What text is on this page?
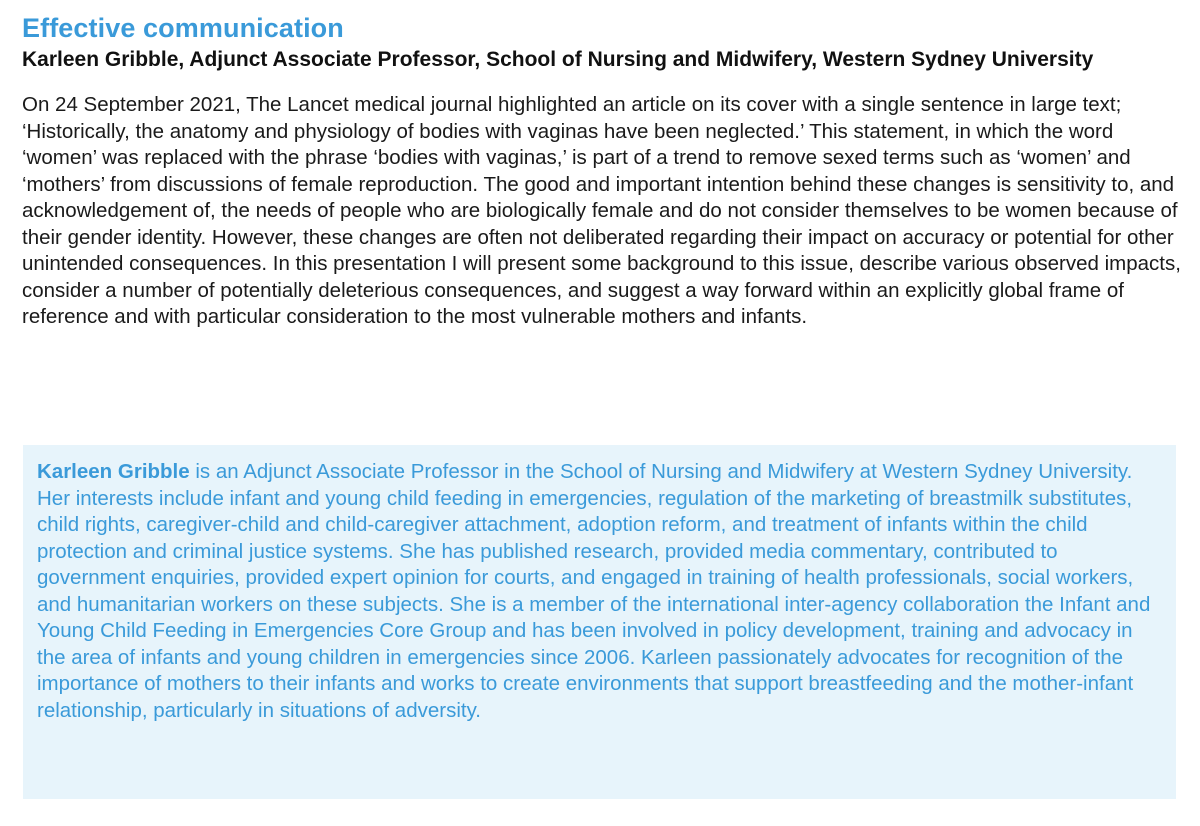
Effective communication
Karleen Gribble, Adjunct Associate Professor, School of Nursing and Midwifery, Western Sydney University

On 24 September 2021, The Lancet medical journal highlighted an article on its cover with a single sentence in large text; ‘Historically, the anatomy and physiology of bodies with vaginas have been neglected.’ This statement, in which the word ‘women’ was replaced with the phrase ‘bodies with vaginas,’ is part of a trend to remove sexed terms such as ‘women’ and ‘mothers’ from discussions of female reproduction. The good and important intention behind these changes is sensitivity to, and acknowledgement of, the needs of people who are biologically female and do not consider themselves to be women because of their gender identity. However, these changes are often not deliberated regarding their impact on accuracy or potential for other unintended consequences. In this presentation I will present some background to this issue, describe various observed impacts, consider a number of potentially deleterious consequences, and suggest a way forward within an explicitly global frame of reference and with particular consideration to the most vulnerable mothers and infants.

Karleen Gribble is an Adjunct Associate Professor in the School of Nursing and Midwifery at Western Sydney University. Her interests include infant and young child feeding in emergencies, regulation of the marketing of breastmilk substitutes, child rights, caregiver-child and child-caregiver attachment, adoption reform, and treatment of infants within the child protection and criminal justice systems. She has published research, provided media commentary, contributed to government enquiries, provided expert opinion for courts, and engaged in training of health professionals, social workers, and humanitarian workers on these subjects. She is a member of the international inter-agency collaboration the Infant and Young Child Feeding in Emergencies Core Group and has been involved in policy development, training and advocacy in the area of infants and young children in emergencies since 2006. Karleen passionately advocates for recognition of the importance of mothers to their infants and works to create environments that support breastfeeding and the mother-infant relationship, particularly in situations of adversity.
